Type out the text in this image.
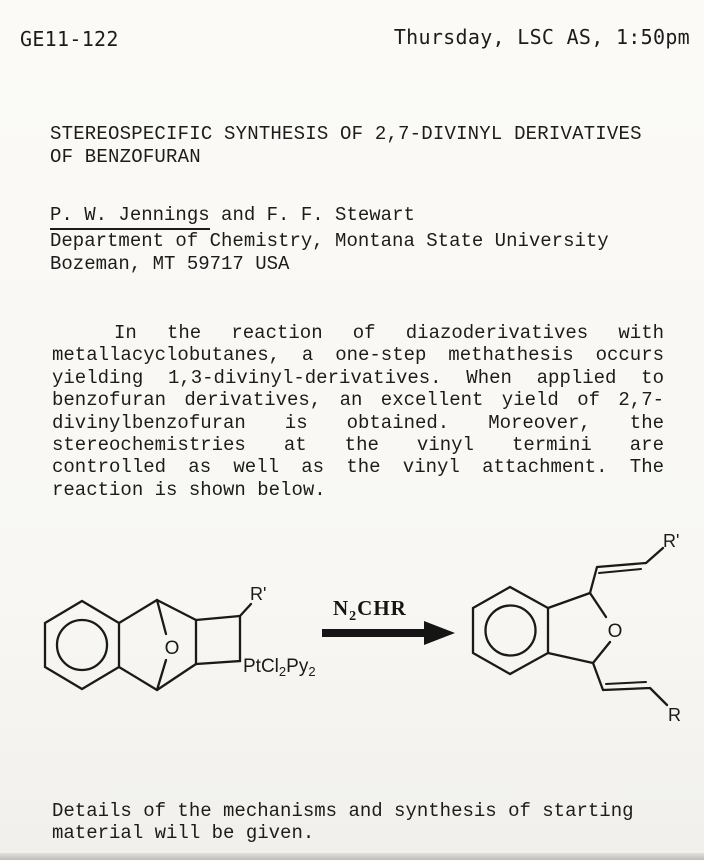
GE11-122	Thursday, LSC AS, 1:50pm
STEREOSPECIFIC SYNTHESIS OF 2,7-DIVINYL DERIVATIVES
OF BENZOFURAN
P. W. Jennings and F. F. Stewart
Department of Chemistry, Montana State University
Bozeman, MT 59717 USA
In the reaction of diazoderivatives with
metallacyclobutanes, a one-step methathesis occurs
yielding 1,3-divinyl-derivatives. When applied to
benzofuran derivatives, an excellent yield of 2,7-
divinylbenzofuran is obtained. Moreover, the
stereochemistries at the vinyl termini are
controlled as well as the vinyl attachment. The
reaction is shown below.
O
R'
$PtCl_2Py_2$
$N_2CHR$
O
R'
R
Details of the mechanisms and synthesis of starting
material will be given.
